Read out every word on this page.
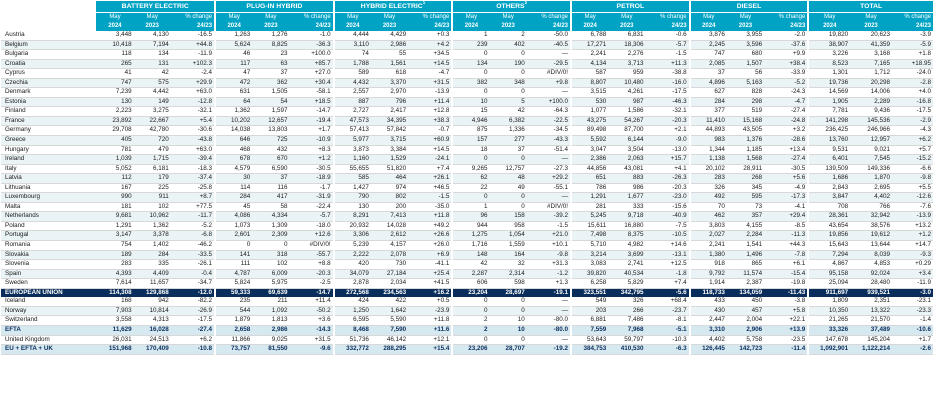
	BATTERY ELECTRIC			PLUG-IN HYBRID			HYBRID ELECTRIC$^1$			OTHERS$^2$			PETROL			DIESEL			TOTAL		
	May	May	% change	May	May	% change	May	May	% change	May	May	% change	May	May	% change	May	May	% change	May	May	% change
	2024	2023	24/23	2024	2023	24/23	2024	2023	24/23	2024	2023	24/23	2024	2023	24/23	2024	2023	24/23	2024	2023	24/23
Austria	3,448	4,130	-16.5	1,263	1,276	-1.0	4,444	4,429	+0.3	1	2	-50.0	6,788	6,831	-0.6	3,876	3,955	-2.0	19,820	20,623	-3.9
Belgium	10,418	7,194	+44.8	5,624	8,825	-36.3	3,110	2,986	+4.2	239	402	-40.5	17,271	18,306	-5.7	2,245	3,596	-37.6	38,907	41,359	-5.9
Bulgaria	118	134	-11.9	46	23	+100.0	74	55	+34.5	0	0	—	2,241	2,276	-1.5	747	680	+9.9	3,226	3,168	+1.8
Croatia	265	131	+102.3	117	63	+85.7	1,788	1,561	+14.5	134	190	-29.5	4,134	3,713	+11.3	2,085	1,507	+38.4	8,523	7,165	+18.95
Cyprus	41	42	-2.4	47	37	+27.0	589	618	-4.7	0	0	#DIV/0!	587	959	-38.8	37	56	-33.9	1,301	1,712	-24.0
Czechia	747	575	+29.9	472	362	+30.4	4,432	3,370	+31.5	382	348	+9.8	8,807	10,480	-16.0	4,896	5,163	-5.2	19,736	20,298	-2.8
Denmark	7,239	4,442	+63.0	631	1,505	-58.1	2,557	2,970	-13.9	0	0	—	3,515	4,261	-17.5	627	828	-24.3	14,569	14,006	+4.0
Estonia	130	149	-12.8	64	54	+18.5	887	796	+11.4	10	5	+100.0	530	987	-46.3	284	298	-4.7	1,905	2,289	-16.8
Finland	2,223	3,275	-32.1	1,362	1,597	-14.7	2,727	2,417	+12.8	15	42	-64.3	1,077	1,586	-32.1	377	519	-27.4	7,781	9,436	-17.5
France	23,892	22,667	+5.4	10,202	12,657	-19.4	47,573	34,395	+38.3	4,946	6,382	-22.5	43,275	54,267	-20.3	11,410	15,168	-24.8	141,298	145,536	-2.9
Germany	29,708	42,780	-30.6	14,038	13,803	+1.7	57,413	57,842	-0.7	875	1,336	-34.5	89,498	87,700	+2.1	44,893	43,505	+3.2	236,425	246,966	-4.3
Greece	405	720	-43.8	646	725	-10.9	5,977	3,715	+60.9	157	277	-43.3	5,592	6,144	-9.0	983	1,376	-28.6	13,760	12,957	+6.2
Hungary	781	479	+63.0	468	432	+8.3	3,873	3,384	+14.5	18	37	-51.4	3,047	3,504	-13.0	1,344	1,185	+13.4	9,531	9,021	+5.7
Ireland	1,039	1,715	-39.4	678	670	+1.2	1,160	1,529	-24.1	0	0	—	2,386	2,063	+15.7	1,138	1,568	-27.4	6,401	7,545	-15.2
Italy	5,052	6,181	-18.3	4,579	6,590	-30.5	55,655	51,820	+7.4	9,265	12,757	-27.3	44,856	43,081	+4.1	20,102	28,911	-30.5	139,509	149,336	-6.6
Latvia	112	179	-37.4	30	37	-18.9	585	464	+26.1	62	48	+29.2	651	883	-26.3	283	268	+5.6	1,686	1,870	-9.8
Lithuania	167	225	-25.8	114	116	-1.7	1,427	974	+46.5	22	49	-55.1	786	986	-20.3	326	345	-4.9	2,843	2,695	+5.5
Luxembourg	990	911	+8.7	284	417	-31.9	790	802	-1.5	0	0	—	1,291	1,677	-23.0	492	595	-17.3	3,847	4,402	-12.6
Malta	181	102	+77.5	45	58	-22.4	130	200	-35.0	1	0	#DIV/0!	281	333	-15.6	70	73	-4.1	708	766	-7.6
Netherlands	9,681	10,962	-11.7	4,086	4,334	-5.7	8,291	7,413	+11.8	96	158	-39.2	5,245	9,718	-40.9	462	357	+29.4	28,361	32,942	-13.9
Poland	1,291	1,362	-5.2	1,073	1,309	-18.0	20,932	14,028	+49.2	944	958	-1.5	15,611	16,880	-7.5	3,803	4,155	-8.5	43,654	38,576	+13.2
Portugal	3,147	3,378	-6.8	2,601	2,309	+12.6	3,306	2,612	+26.6	1,275	1,054	+21.0	7,498	8,375	-10.5	2,027	2,284	-11.3	19,856	19,612	+1.2
Romania	754	1,402	-46.2	0	0	#DIV/0!	5,239	4,157	+26.0	1,716	1,559	+10.1	5,710	4,982	+14.6	2,241	1,541	+44.3	15,643	13,644	+14.7
Slovakia	189	284	-33.5	141	318	-55.7	2,222	2,078	+6.9	148	164	-9.8	3,214	3,699	-13.1	1,380	1,496	-7.8	7,294	8,039	-9.3
Slovenia	283	335	-26.1	111	102	+8.8	420	730	-41.1	42	32	+31.3	3,083	2,741	+12.5	918	865	+6.1	4,867	4,853	+0.29
Spain	4,393	4,409	-0.4	4,787	6,009	-20.3	34,079	27,184	+25.4	2,287	2,314	-1.2	39,820	40,534	-1.8	9,792	11,574	-15.4	95,158	92,024	+3.4
Sweden	7,614	11,657	-34.7	5,824	5,975	-2.5	2,878	2,034	+41.5	606	598	+1.3	6,258	5,829	+7.4	1,914	2,387	-19.8	25,094	28,480	-11.9
EUROPEAN UNION	114,308	129,868	-12.0	59,333	69,639	-14.7	272,568	234,563	+16.2	23,204	28,697	-19.1	323,551	342,795	-5.6	118,733	134,059	-11.43	911,697	939,521	-3.0
Iceland	168	942	-82.2	235	211	+11.4	424	422	+0.5	0	0	—	549	326	+68.4	433	450	-3.8	1,809	2,351	-23.1
Norway	7,903	10,814	-26.9	544	1,092	-50.2	1,250	1,642	-23.9	0	0	—	203	266	-23.7	430	457	+5.8	10,350	13,322	-23.3
Switzerland	3,558	4,313	-17.5	1,879	1,813	+3.6	6,595	5,590	+11.8	2	10	-80.0	6,881	7,486	-8.1	2,447	2,004	+22.1	21,265	21,570	-1.4
EFTA	11,629	16,028	-27.4	2,658	2,986	-14.3	8,468	7,590	+11.6	2	10	-80.0	7,559	7,968	-5.1	3,310	2,906	+13.9	33,326	37,489	-10.6
United Kingdom	26,031	24,513	+6.2	11,866	9,025	+31.5	51,736	46,142	+12.1	0	0	—	53,643	59,797	-10.3	4,402	5,758	-23.5	147,678	145,204	+1.7
EU + EFTA + UK	151,968	170,409	-10.8	73,757	81,550	-9.6	332,772	288,295	+15.4	23,206	28,707	-19.2	384,753	410,530	-6.3	126,445	142,723	-11.4	1,092,901	1,122,214	-2.6
